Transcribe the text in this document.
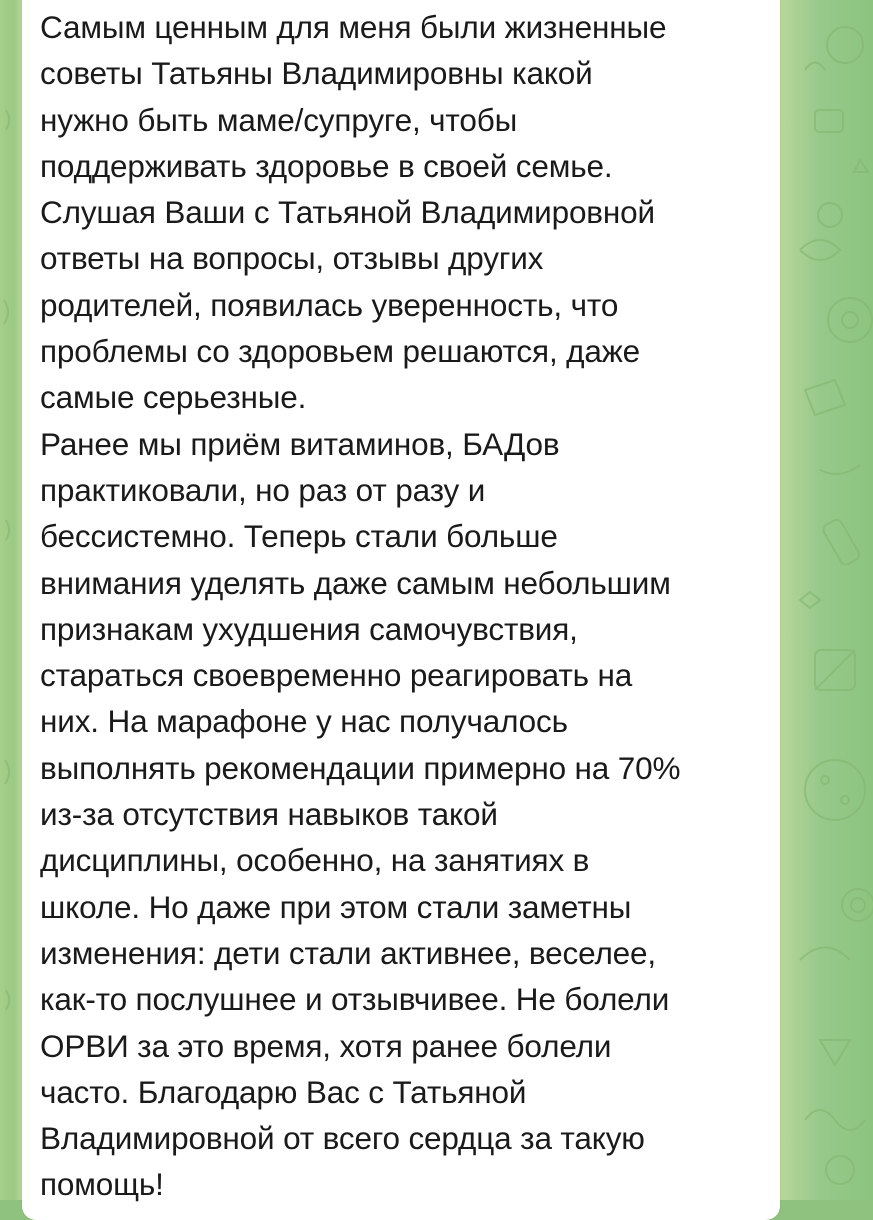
Самым ценным для меня были жизненные
советы Татьяны Владимировны какой
нужно быть маме/супруге, чтобы
поддерживать здоровье в своей семье.
Слушая Ваши с Татьяной Владимировной
ответы на вопросы, отзывы других
родителей, появилась уверенность, что
проблемы со здоровьем решаются, даже
самые серьезные.
Ранее мы приём витаминов, БАДов
практиковали, но раз от разу и
бессистемно. Теперь стали больше
внимания уделять даже самым небольшим
признакам ухудшения самочувствия,
стараться своевременно реагировать на
них. На марафоне у нас получалось
выполнять рекомендации примерно на 70%
из-за отсутствия навыков такой
дисциплины, особенно, на занятиях в
школе. Но даже при этом стали заметны
изменения: дети стали активнее, веселее,
как-то послушнее и отзывчивее. Не болели
ОРВИ за это время, хотя ранее болели
часто. Благодарю Вас с Татьяной
Владимировной от всего сердца за такую
помощь!
